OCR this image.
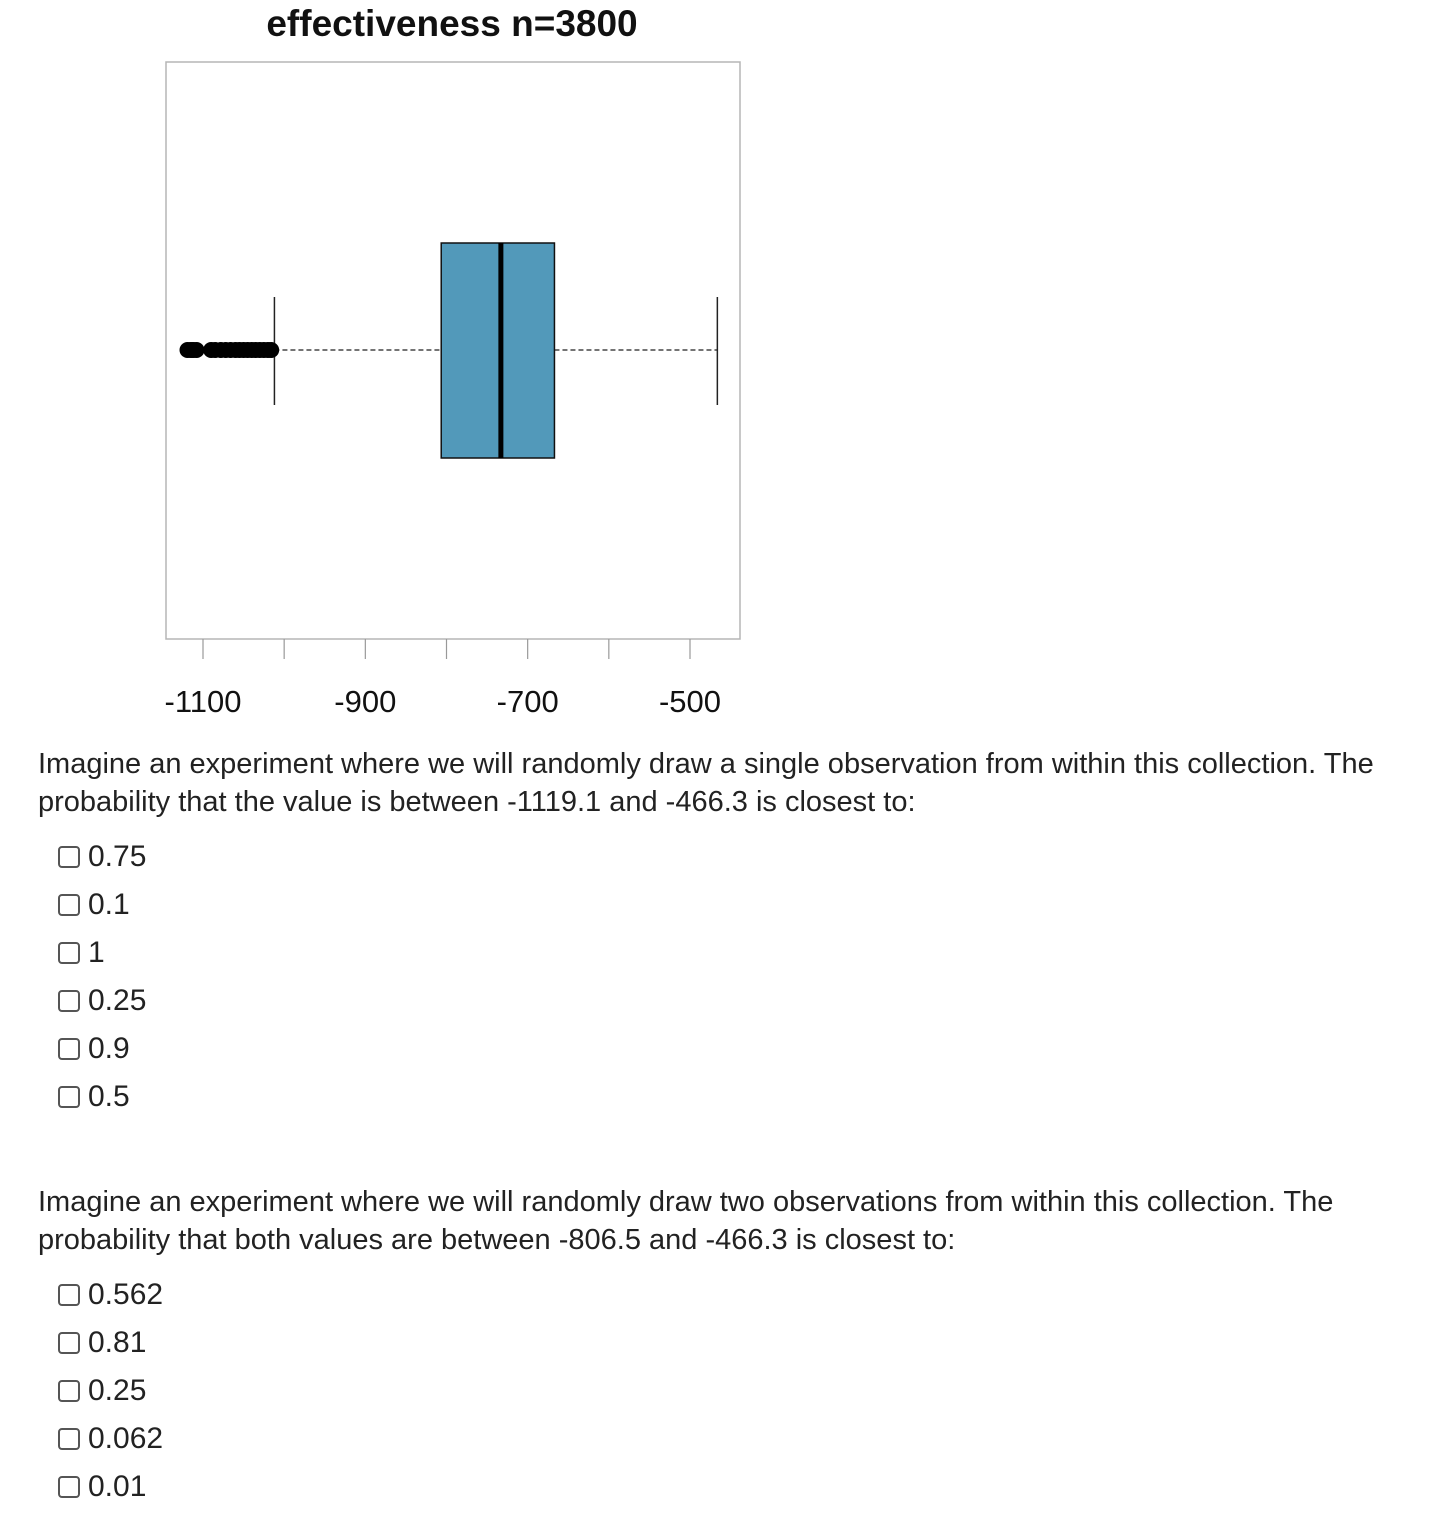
effectiveness n=3800
-1100	-900	-700	-500

Imagine an experiment where we will randomly draw a single observation from within this collection. The probability that the value is between -1119.1 and -466.3 is closest to:

0.75
0.1
1
0.25
0.9
0.5

Imagine an experiment where we will randomly draw two observations from within this collection. The probability that both values are between -806.5 and -466.3 is closest to:

0.562
0.81
0.25
0.062
0.01
